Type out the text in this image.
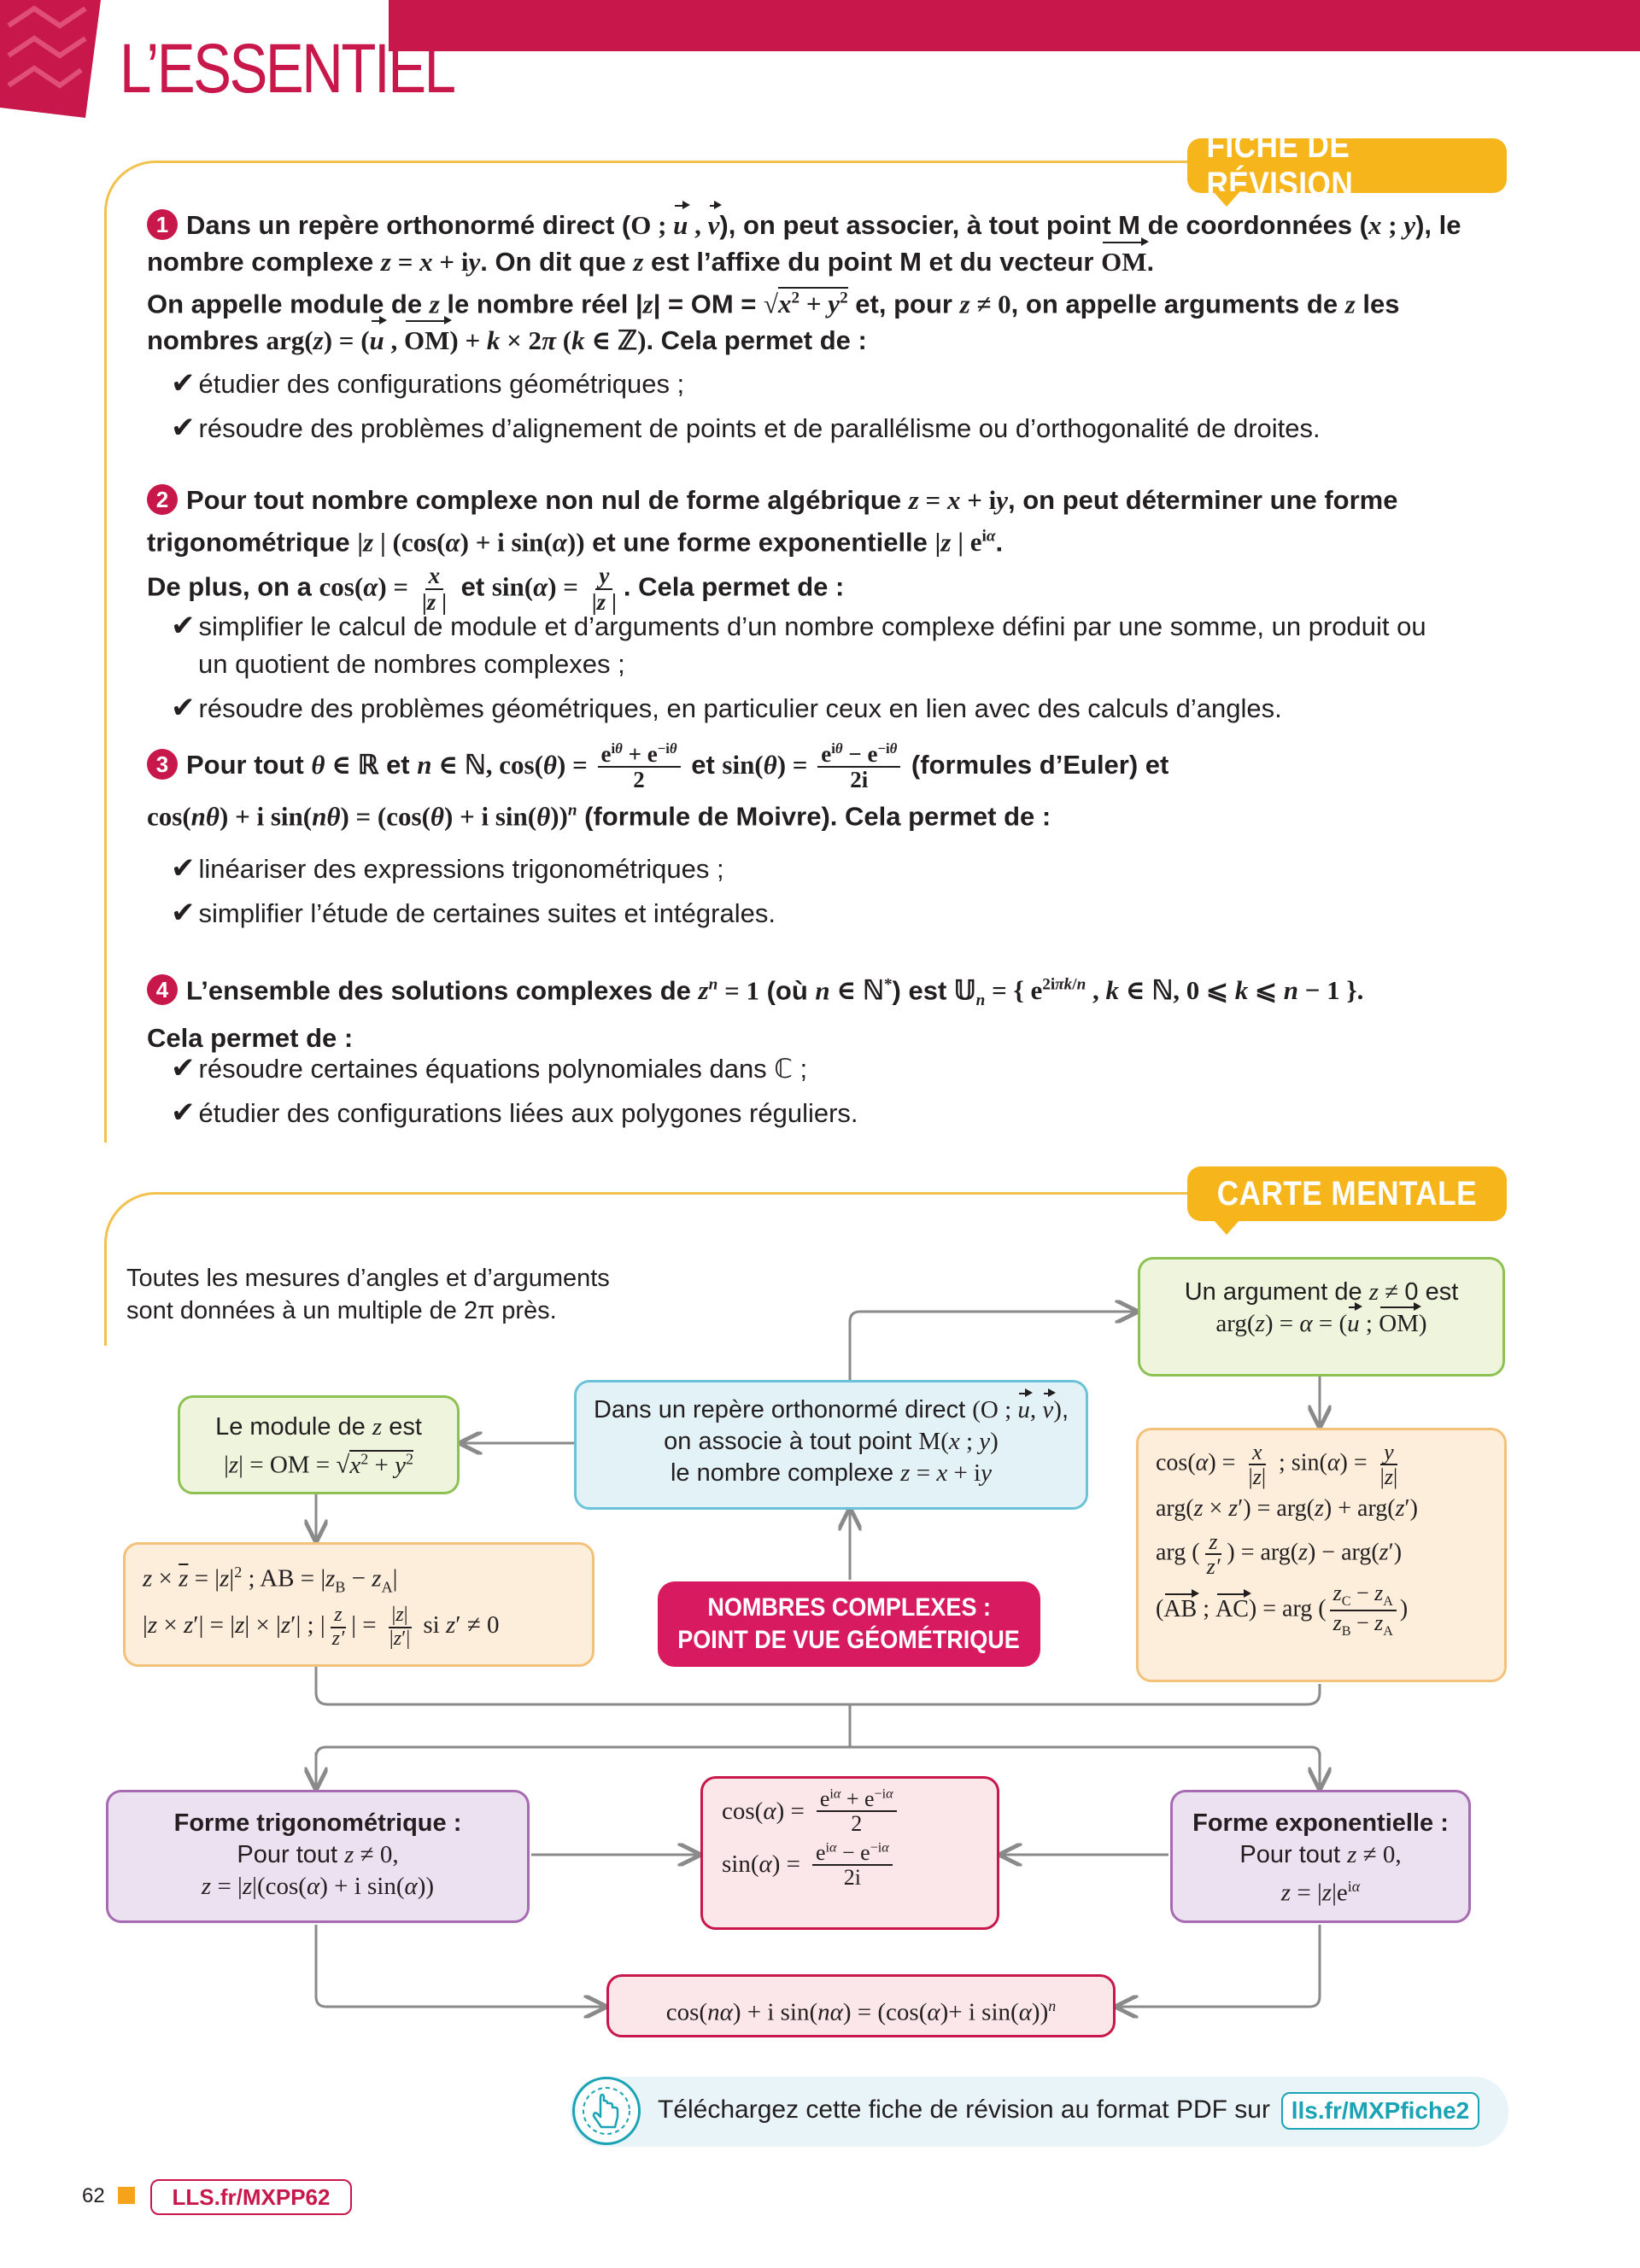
L’ESSENTIEL
FICHE DE RÉVISION
1 Dans un repère orthonormé direct (O ; u , v), on peut associer, à tout point M de coordonnées (x ; y), le
nombre complexe z = x + iy. On dit que z est l’affixe du point M et du vecteur OM.
On appelle module de z le nombre réel |z| = OM = $√x^2 + y^2$ et, pour z ≠ 0, on appelle arguments de z les
nombres arg(z) = (u , OM) + k × 2π (k ∈ ℤ). Cela permet de :
✔ étudier des configurations géométriques ;
✔ résoudre des problèmes d’alignement de points et de parallélisme ou d’orthogonalité de droites.
2 Pour tout nombre complexe non nul de forme algébrique z = x + iy, on peut déterminer une forme
trigonométrique |z | (cos(α) + i sin(α)) et une forme exponentielle |z | $e^{i\alpha}$.
De plus, on a $\cos(\alpha) = \frac{x}{|z |}$ et $\sin(\alpha) = \frac{y}{|z |}$ . Cela permet de :
✔ simplifier le calcul de module et d’arguments d’un nombre complexe défini par une somme, un produit ou
un quotient de nombres complexes ;
✔ résoudre des problèmes géométriques, en particulier ceux en lien avec des calculs d’angles.
3 Pour tout θ ∈ ℝ et n ∈ ℕ, $\cos(\theta) = \frac{e^{i\theta} + e^{-i\theta}}{2}$ et $\sin(\theta) = \frac{e^{i\theta} - e^{-i\theta}}{2i}$ (formules d’Euler) et
cos(nθ) + i sin(nθ) = (cos(θ) + i sin(θ))$^n$ (formule de Moivre). Cela permet de :
✔ linéariser des expressions trigonométriques ;
✔ simplifier l’étude de certaines suites et intégrales.
4 L’ensemble des solutions complexes de $z^n = 1$ (où n ∈ ℕ*) est 𝕌$_n$ = { $e^{2i\pi k/n}$ , k ∈ ℕ, 0 ⩽ k ⩽ n − 1 }.
Cela permet de :
✔ résoudre certaines équations polynomiales dans ℂ ;
✔ étudier des configurations liées aux polygones réguliers.
CARTE MENTALE
Toutes les mesures d’angles et d’arguments
sont données à un multiple de 2π près.
Un argument de z ≠ 0 est
arg(z) = α = (u ; OM)
Le module de z est
|z| = OM = $√x^2 + y^2$
Dans un repère orthonormé direct (O ; u, v),
on associe à tout point M(x ; y)
le nombre complexe z = x + iy
$z \times \overline{z} = |z|^2$ ; AB = $|z_B - z_A|$
|z × z′| = |z| × |z′| ; | $\frac{z}{z'}$ | = $\frac{|z|}{|z'|}$ si z′ ≠ 0
NOMBRES COMPLEXES :
POINT DE VUE GÉOMÉTRIQUE
$\cos(\alpha) = \frac{x}{|z|}$ ; $\sin(\alpha) = \frac{y}{|z|}$
arg(z × z′) = arg(z) + arg(z′)
arg ( $\frac{z}{z'}$ ) = arg(z) − arg(z′)
(AB ; AC) = arg ( $\frac{z_C - z_A}{z_B - z_A}$ )
Forme trigonométrique :
Pour tout z ≠ 0,
z = |z|(cos(α) + i sin(α))
cos( α ) = $\frac{e^{i\alpha} + e^{-i\alpha}}{2}$
sin( α ) = $\frac{e^{i\alpha} - e^{-i\alpha}}{2i}$
Forme exponentielle :
Pour tout z ≠ 0,
$z = |z|e^{i\alpha}$
cos(nα) + i sin(nα) = (cos(α)+ i sin(α))$^n$
Téléchargez cette fiche de révision au format PDF sur lls.fr/MXPfiche2
62	LLS.fr/MXPP62
